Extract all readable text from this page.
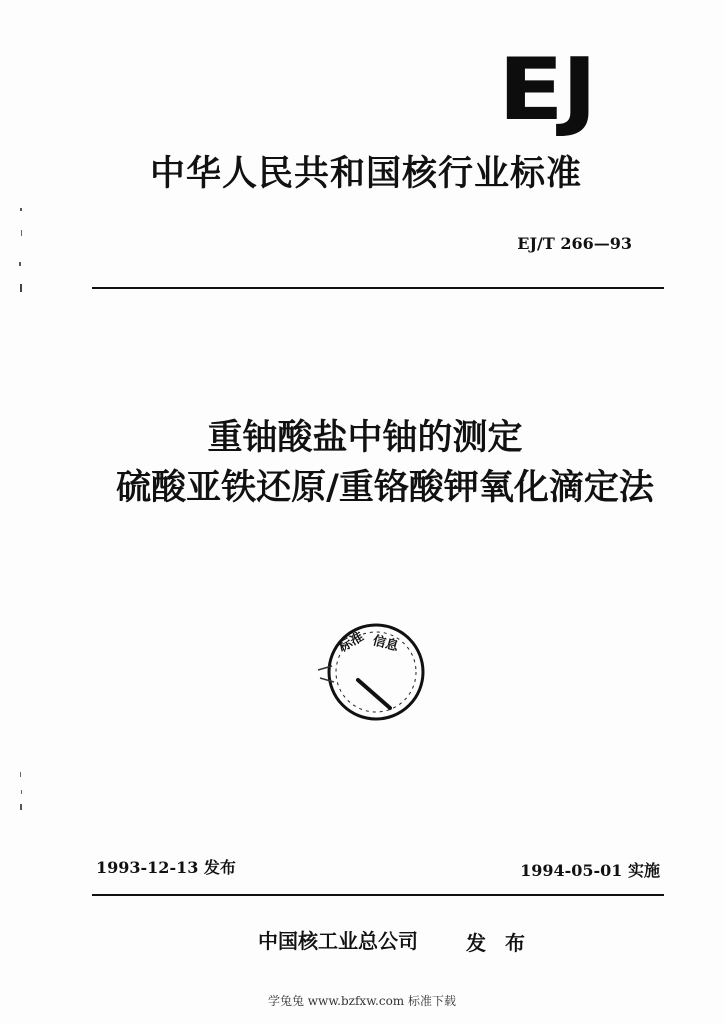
EJ
中华人民共和国核行业标准
EJ/T 266—93
重铀酸盐中铀的测定
硫酸亚铁还原/重铬酸钾氧化滴定法
标准 信息
1993-12-13 发布	1994-05-01 实施
中国核工业总公司 发 布
学兔兔 www.bzfxw.com 标准下载
